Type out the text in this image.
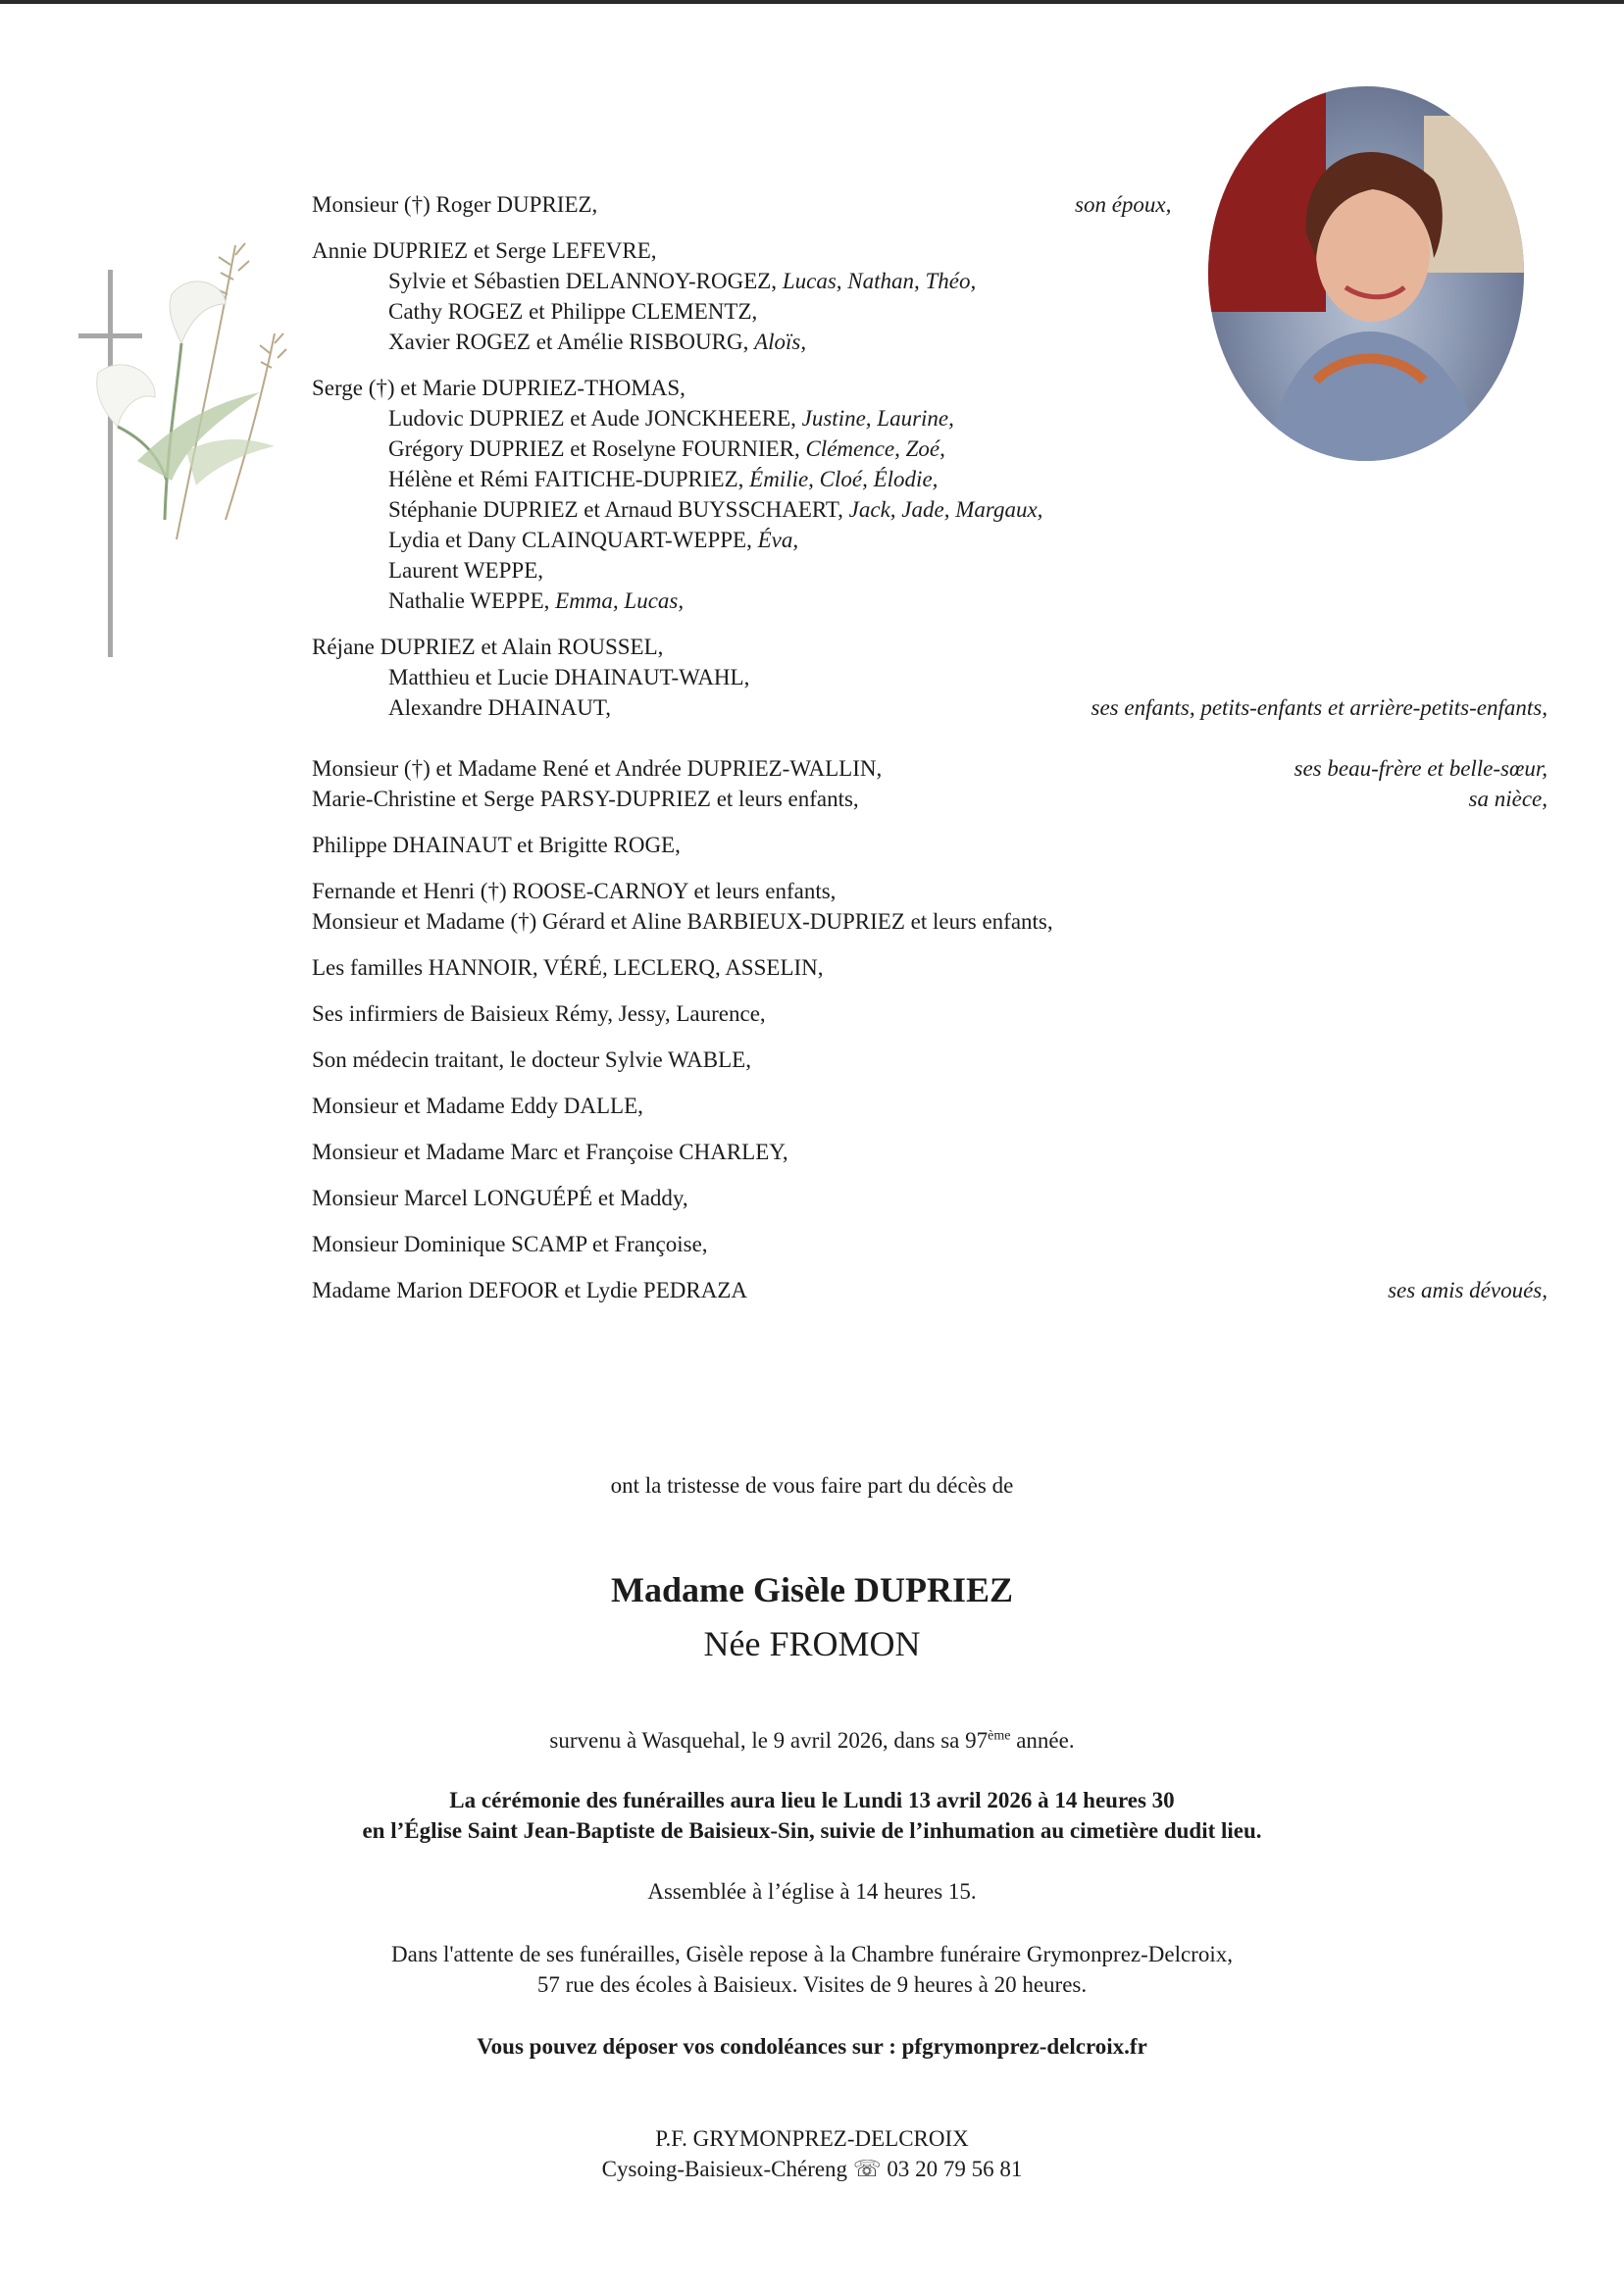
Monsieur (†) Roger DUPRIEZ,	son époux,
Annie DUPRIEZ et Serge LEFEVRE,
Sylvie et Sébastien DELANNOY-ROGEZ, Lucas, Nathan, Théo,
Cathy ROGEZ et Philippe CLEMENTZ,
Xavier ROGEZ et Amélie RISBOURG, Aloïs,
Serge (†) et Marie DUPRIEZ-THOMAS,
Ludovic DUPRIEZ et Aude JONCKHEERE, Justine, Laurine,
Grégory DUPRIEZ et Roselyne FOURNIER, Clémence, Zoé,
Hélène et Rémi FAITICHE-DUPRIEZ, Émilie, Cloé, Élodie,
Stéphanie DUPRIEZ et Arnaud BUYSSCHAERT, Jack, Jade, Margaux,
Lydia et Dany CLAINQUART-WEPPE, Éva,
Laurent WEPPE,
Nathalie WEPPE, Emma, Lucas,
Réjane DUPRIEZ et Alain ROUSSEL,
Matthieu et Lucie DHAINAUT-WAHL,
Alexandre DHAINAUT,	ses enfants, petits-enfants et arrière-petits-enfants,
Monsieur (†) et Madame René et Andrée DUPRIEZ-WALLIN,	ses beau-frère et belle-sœur,
Marie-Christine et Serge PARSY-DUPRIEZ et leurs enfants,	sa nièce,
Philippe DHAINAUT et Brigitte ROGE,
Fernande et Henri (†) ROOSE-CARNOY et leurs enfants,
Monsieur et Madame (†) Gérard et Aline BARBIEUX-DUPRIEZ et leurs enfants,
Les familles HANNOIR, VÉRÉ, LECLERQ, ASSELIN,
Ses infirmiers de Baisieux Rémy, Jessy, Laurence,
Son médecin traitant, le docteur Sylvie WABLE,
Monsieur et Madame Eddy DALLE,
Monsieur et Madame Marc et Françoise CHARLEY,
Monsieur Marcel LONGUÉPÉ et Maddy,
Monsieur Dominique SCAMP et Françoise,
Madame Marion DEFOOR et Lydie PEDRAZA	ses amis dévoués,
ont la tristesse de vous faire part du décès de
Madame Gisèle DUPRIEZ
Née FROMON
survenu à Wasquehal, le 9 avril 2026, dans sa 97ème année.
La cérémonie des funérailles aura lieu le Lundi 13 avril 2026 à 14 heures 30
en l’Église Saint Jean-Baptiste de Baisieux-Sin, suivie de l’inhumation au cimetière dudit lieu.
Assemblée à l’église à 14 heures 15.
Dans l'attente de ses funérailles, Gisèle repose à la Chambre funéraire Grymonprez-Delcroix,
57 rue des écoles à Baisieux. Visites de 9 heures à 20 heures.
Vous pouvez déposer vos condoléances sur : pfgrymonprez-delcroix.fr
P.F. GRYMONPREZ-DELCROIX
Cysoing-Baisieux-Chéreng ☏ 03 20 79 56 81
